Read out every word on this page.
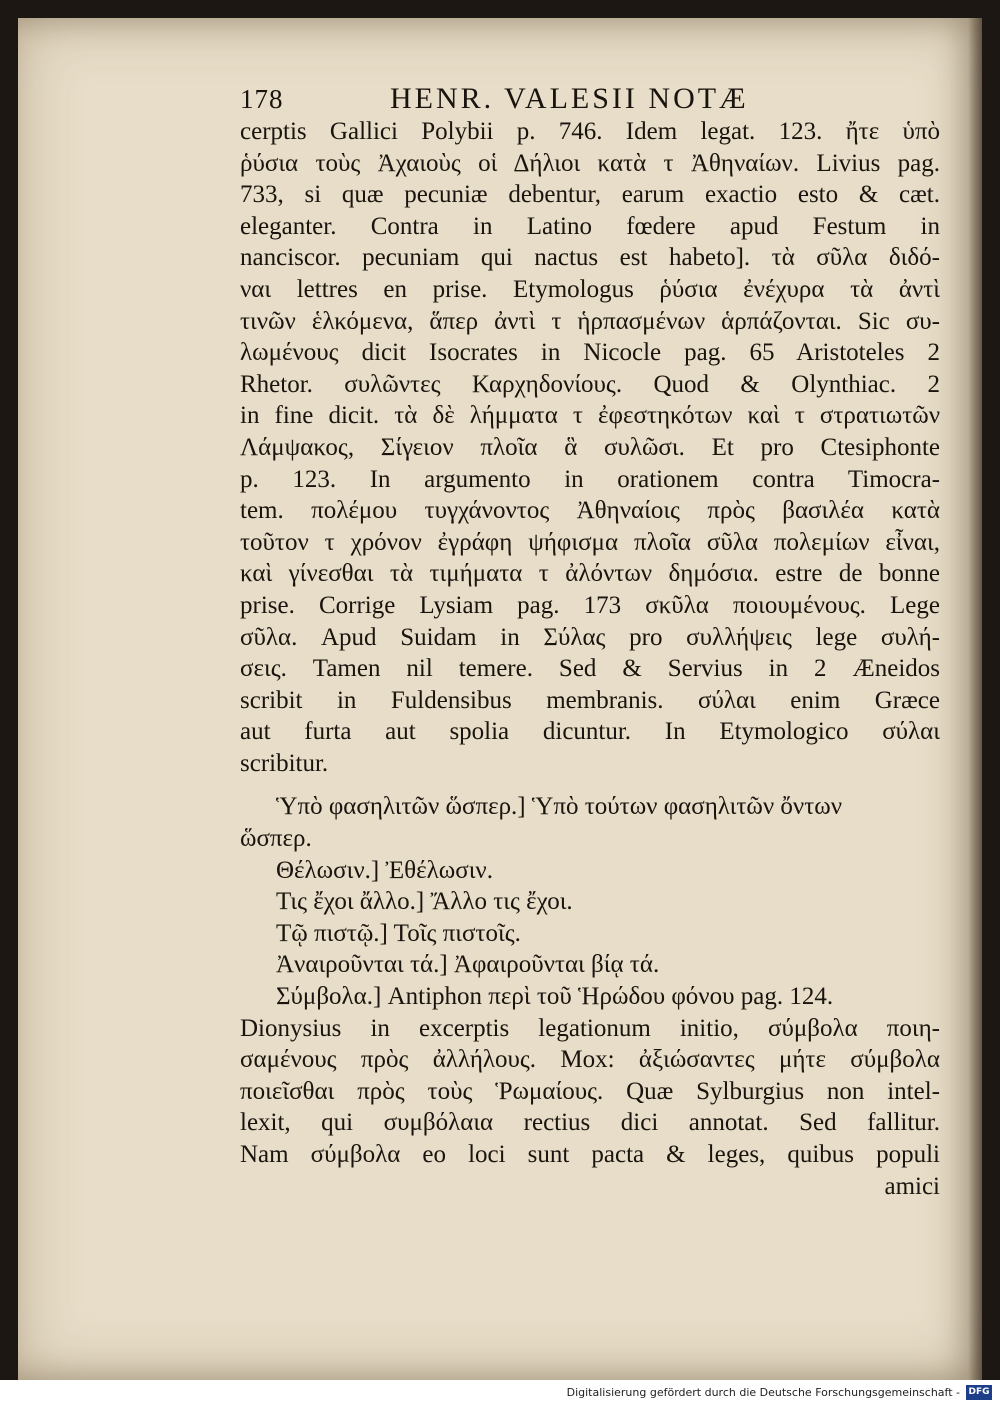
178	HENR. VALESII NOTÆ
cerptis Gallici Polybii p. 746. Idem legat. 123. ἤτε ὑπὸ
ῥύσια τοὺς Ἀχαιοὺς οἱ Δήλιοι κατὰ τ Ἀθηναίων. Livius pag.
733, si quæ pecuniæ debentur, earum exactio esto & cæt.
eleganter. Contra in Latino fœdere apud Festum in
nanciscor. pecuniam qui nactus est habeto]. τὰ σῦλα διδό-
ναι lettres en prise. Etymologus ῥύσια ἐνέχυρα τὰ ἀντὶ
τινῶν ἑλκόμενα, ἅπερ ἀντὶ τ ἡρπασμένων ἁρπάζονται. Sic συ-
λωμένους dicit Isocrates in Nicocle pag. 65 Aristoteles 2
Rhetor. συλῶντες Καρχηδονίους. Quod & Olynthiac. 2
in fine dicit. τὰ δὲ λήμματα τ ἐφεστηκότων καὶ τ στρατιωτῶν
Λάμψακος, Σίγειον πλοῖα ἃ συλῶσι. Et pro Ctesiphonte
p. 123. In argumento in orationem contra Timocra-
tem. πολέμου τυγχάνοντος Ἀθηναίοις πρὸς βασιλέα κατὰ
τοῦτον τ χρόνον ἐγράφη ψήφισμα πλοῖα σῦλα πολεμίων εἶναι,
καὶ γίνεσθαι τὰ τιμήματα τ ἀλόντων δημόσια. estre de bonne
prise. Corrige Lysiam pag. 173 σκῦλα ποιουμένους. Lege
σῦλα. Apud Suidam in Σύλας pro συλλήψεις lege συλή-
σεις. Tamen nil temere. Sed & Servius in 2 Æneidos
scribit in Fuldensibus membranis. σύλαι enim Græce
aut furta aut spolia dicuntur. In Etymologico σύλαι
scribitur.
Ὑπὸ φασηλιτῶν ὥσπερ.] Ὑπὸ τούτων φασηλιτῶν ὄντων
ὥσπερ.
Θέλωσιν.] Ἐθέλωσιν.
Τις ἔχοι ἄλλο.] Ἄλλο τις ἔχοι.
Τῷ πιστῷ.] Τοῖς πιστοῖς.
Ἀναιροῦνται τά.] Ἀφαιροῦνται βίᾳ τά.
Σύμβολα.] Antiphon περὶ τοῦ Ἡρώδου φόνου pag. 124.
Dionysius in excerptis legationum initio, σύμβολα ποιη-
σαμένους πρὸς ἀλλήλους. Mox: ἀξιώσαντες μήτε σύμβολα
ποιεῖσθαι πρὸς τοὺς Ῥωμαίους. Quæ Sylburgius non intel-
lexit, qui συμβόλαια rectius dici annotat. Sed fallitur.
Nam σύμβολα eo loci sunt pacta & leges, quibus populi
amici
Digitalisierung gefördert durch die Deutsche Forschungsgemeinschaft - DFG
